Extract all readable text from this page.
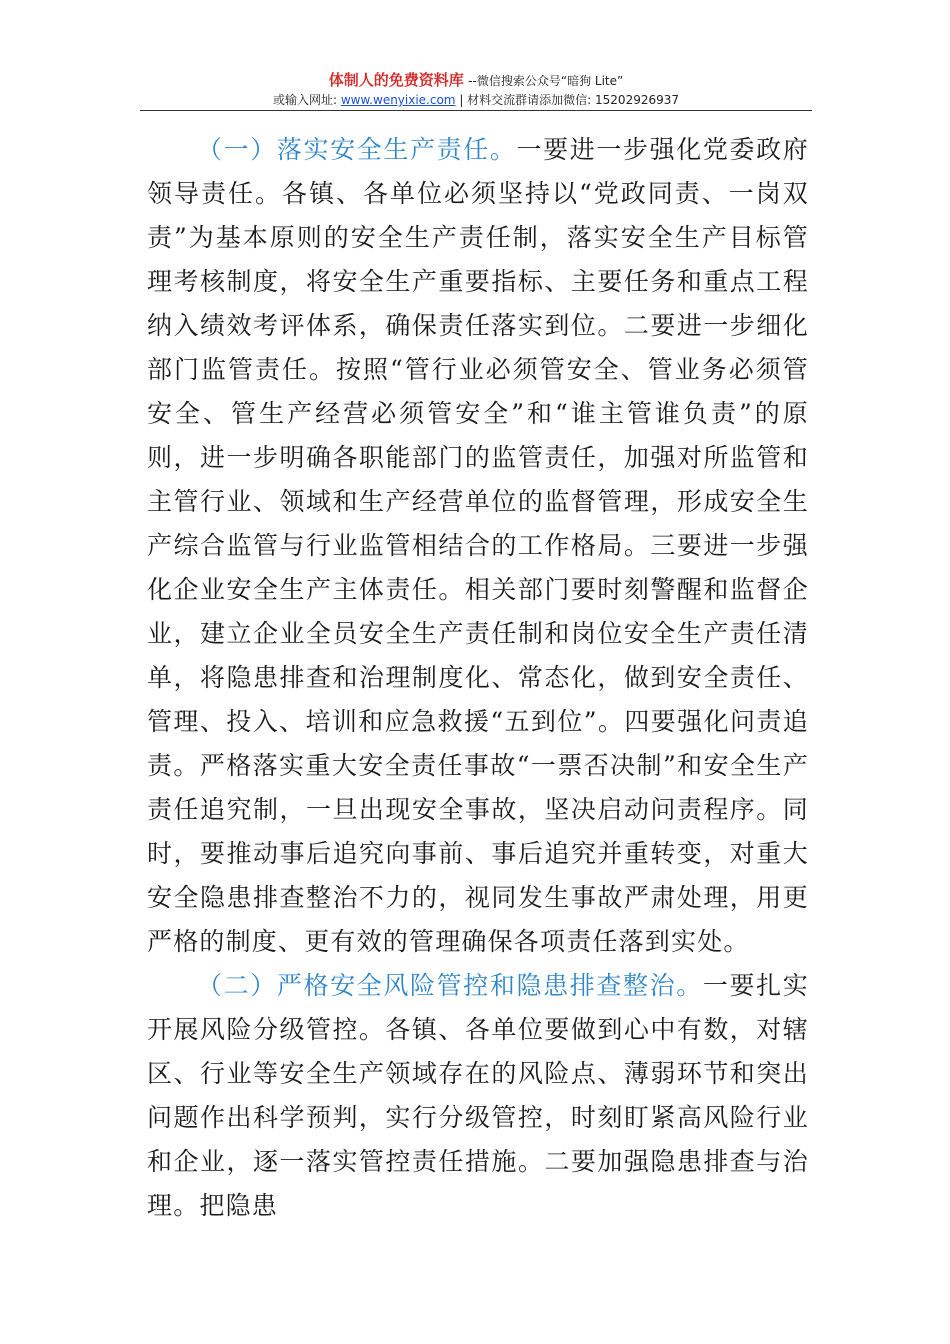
体制人的免费资料库 --微信搜索公众号“暗狗 Lite”
或输入网址: www.wenyixie.com | 材料交流群请添加微信: 15202926937

（一）落实安全生产责任。一要进一步强化党委政府领导责任。各镇、各单位必须坚持以“党政同责、一岗双责”为基本原则的安全生产责任制，落实安全生产目标管理考核制度，将安全生产重要指标、主要任务和重点工程纳入绩效考评体系，确保责任落实到位。二要进一步细化部门监管责任。按照“管行业必须管安全、管业务必须管安全、管生产经营必须管安全”和“谁主管谁负责”的原则，进一步明确各职能部门的监管责任，加强对所监管和主管行业、领域和生产经营单位的监督管理，形成安全生产综合监管与行业监管相结合的工作格局。三要进一步强化企业安全生产主体责任。相关部门要时刻警醒和监督企业，建立企业全员安全生产责任制和岗位安全生产责任清单，将隐患排查和治理制度化、常态化，做到安全责任、管理、投入、培训和应急救援“五到位”。四要强化问责追责。严格落实重大安全责任事故“一票否决制”和安全生产责任追究制，一旦出现安全事故，坚决启动问责程序。同时，要推动事后追究向事前、事后追究并重转变，对重大安全隐患排查整治不力的，视同发生事故严肃处理，用更严格的制度、更有效的管理确保各项责任落到实处。

（二）严格安全风险管控和隐患排查整治。一要扎实开展风险分级管控。各镇、各单位要做到心中有数，对辖区、行业等安全生产领域存在的风险点、薄弱环节和突出问题作出科学预判，实行分级管控，时刻盯紧高风险行业和企业，逐一落实管控责任措施。二要加强隐患排查与治理。把隐患
